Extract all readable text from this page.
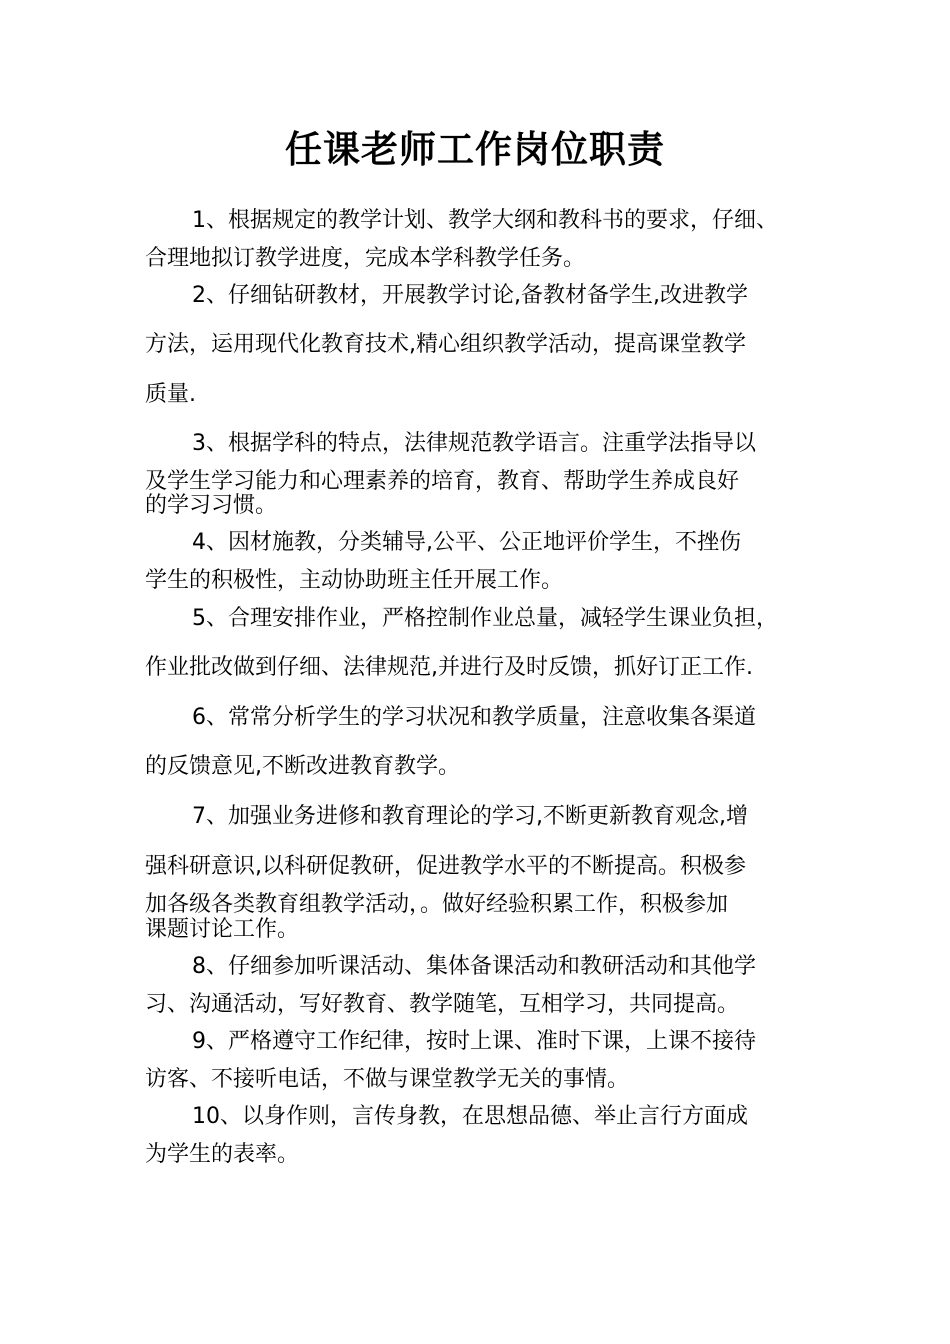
任课老师工作岗位职责
1、根据规定的教学计划、教学大纲和教科书的要求，仔细、
合理地拟订教学进度，完成本学科教学任务。
2、仔细钻研教材，开展教学讨论,备教材备学生,改进教学
方法，运用现代化教育技术,精心组织教学活动，提高课堂教学
质量.
3、根据学科的特点，法律规范教学语言。注重学法指导以
及学生学习能力和心理素养的培育，教育、帮助学生养成良好
的学习习惯。
4、因材施教，分类辅导,公平、公正地评价学生，不挫伤
学生的积极性，主动协助班主任开展工作。
5、合理安排作业，严格控制作业总量，减轻学生课业负担，
作业批改做到仔细、法律规范,并进行及时反馈，抓好订正工作.
6、常常分析学生的学习状况和教学质量，注意收集各渠道
的反馈意见,不断改进教育教学。
7、加强业务进修和教育理论的学习,不断更新教育观念,增
强科研意识,以科研促教研，促进教学水平的不断提高。积极参
加各级各类教育组教学活动，。做好经验积累工作，积极参加
课题讨论工作。
8、仔细参加听课活动、集体备课活动和教研活动和其他学
习、沟通活动，写好教育、教学随笔，互相学习，共同提高。
9、严格遵守工作纪律，按时上课、准时下课，上课不接待
访客、不接听电话，不做与课堂教学无关的事情。
10、以身作则，言传身教，在思想品德、举止言行方面成
为学生的表率。
